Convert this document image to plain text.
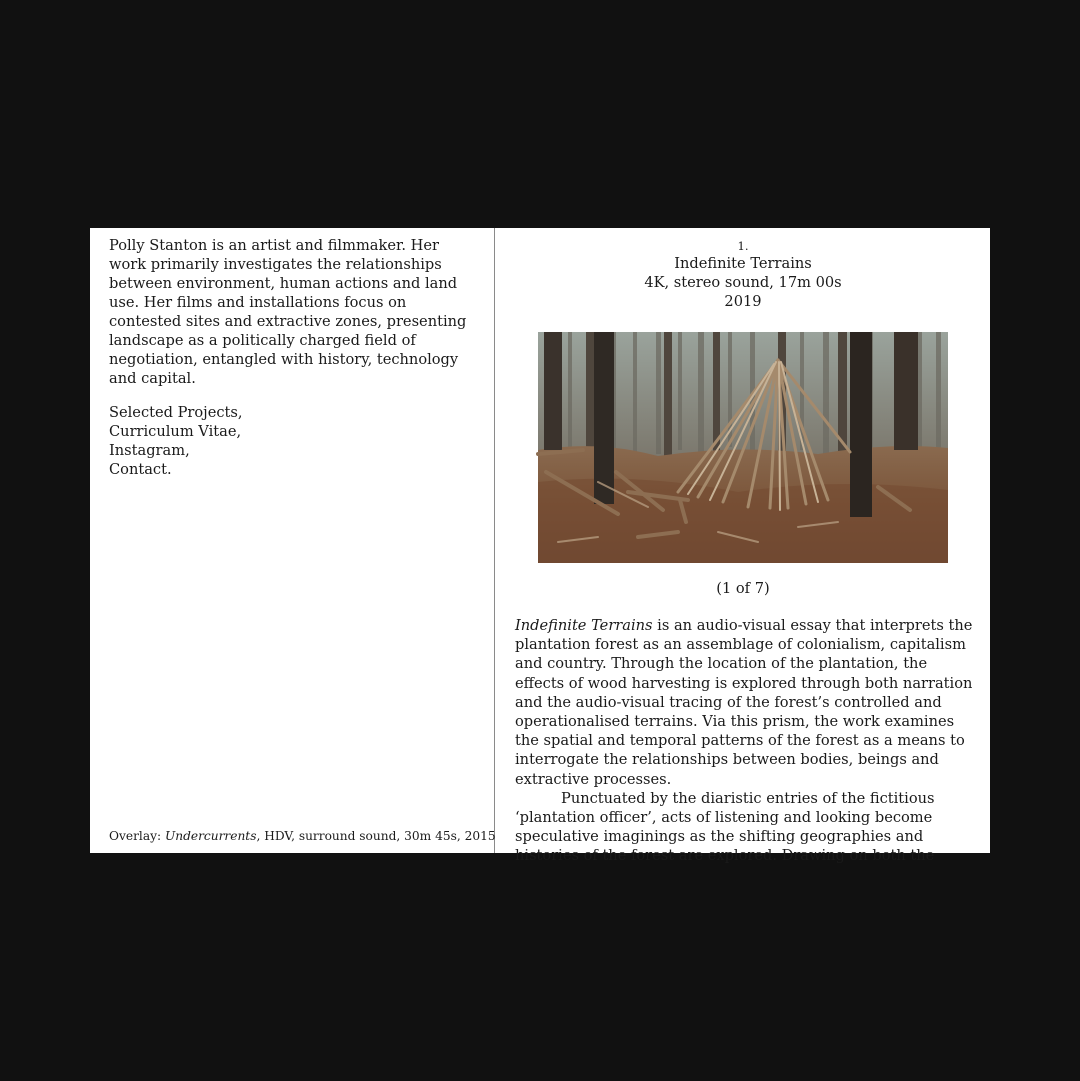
Polly Stanton is an artist and filmmaker. Her work primarily investigates the relationships between environment, human actions and land use. Her films and installations focus on contested sites and extractive zones, presenting landscape as a politically charged field of negotiation, entangled with history, technology and capital.

Selected Projects,
Curriculum Vitae,
Instagram,
Contact.
Overlay: Undercurrents, HDV, surround sound, 30m 45s, 2015
1.
Indefinite Terrains
4K, stereo sound, 17m 00s
2019
(1 of 7)

Indefinite Terrains is an audio-visual essay that interprets the plantation forest as an assemblage of colonialism, capitalism and country. Through the location of the plantation, the effects of wood harvesting is explored through both narration and the audio-visual tracing of the forest’s controlled and operationalised terrains. Via this prism, the work examines the spatial and temporal patterns of the forest as a means to interrogate the relationships between bodies, beings and extractive processes.

Punctuated by the diaristic entries of the fictitious ‘plantation officer’, acts of listening and looking become speculative imaginings as the shifting geographies and histories of the forest are explored. Drawing on both the
